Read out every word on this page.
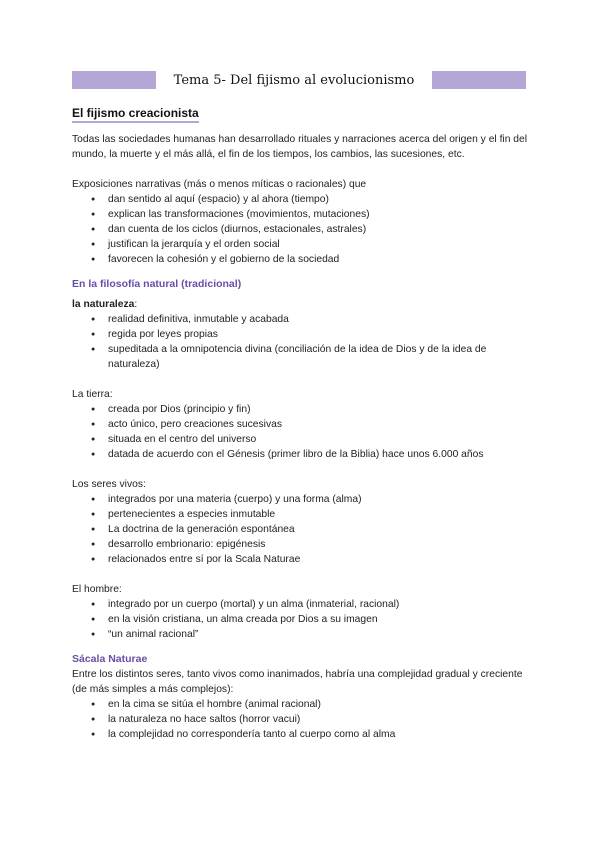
Tema 5- Del fijismo al evolucionismo
El fijismo creacionista

Todas las sociedades humanas han desarrollado rituales y narraciones acerca del origen y el fin del mundo, la muerte y el más allá, el fin de los tiempos, los cambios, las sucesiones, etc.

Exposiciones narrativas (más o menos míticas o racionales) que

● dan sentido al aquí (espacio) y al ahora (tiempo)
● explican las transformaciones (movimientos, mutaciones)
● dan cuenta de los ciclos (diurnos, estacionales, astrales)
● justifican la jerarquía y el orden social
● favorecen la cohesión y el gobierno de la sociedad

En la filosofía natural (tradicional)

la naturaleza:

● realidad definitiva, inmutable y acabada
● regida por leyes propias
● supeditada a la omnipotencia divina (conciliación de la idea de Dios y de la idea de naturaleza)

La tierra:

● creada por Dios (principio y fin)
● acto único, pero creaciones sucesivas
● situada en el centro del universo
● datada de acuerdo con el Génesis (primer libro de la Biblia) hace unos 6.000 años

Los seres vivos:

● integrados por una materia (cuerpo) y una forma (alma)
● pertenecientes a especies inmutable
● La doctrina de la generación espontánea
● desarrollo embrionario: epigénesis
● relacionados entre sí por la Scala Naturae

El hombre:

● integrado por un cuerpo (mortal) y un alma (inmaterial, racional)
● en la visión cristiana, un alma creada por Dios a su imagen
● “un animal racional”

Sácala Naturae

Entre los distintos seres, tanto vivos como inanimados, habría una complejidad gradual y creciente (de más simples a más complejos):

● en la cima se sitúa el hombre (animal racional)
● la naturaleza no hace saltos (horror vacui)
● la complejidad no correspondería tanto al cuerpo como al alma
